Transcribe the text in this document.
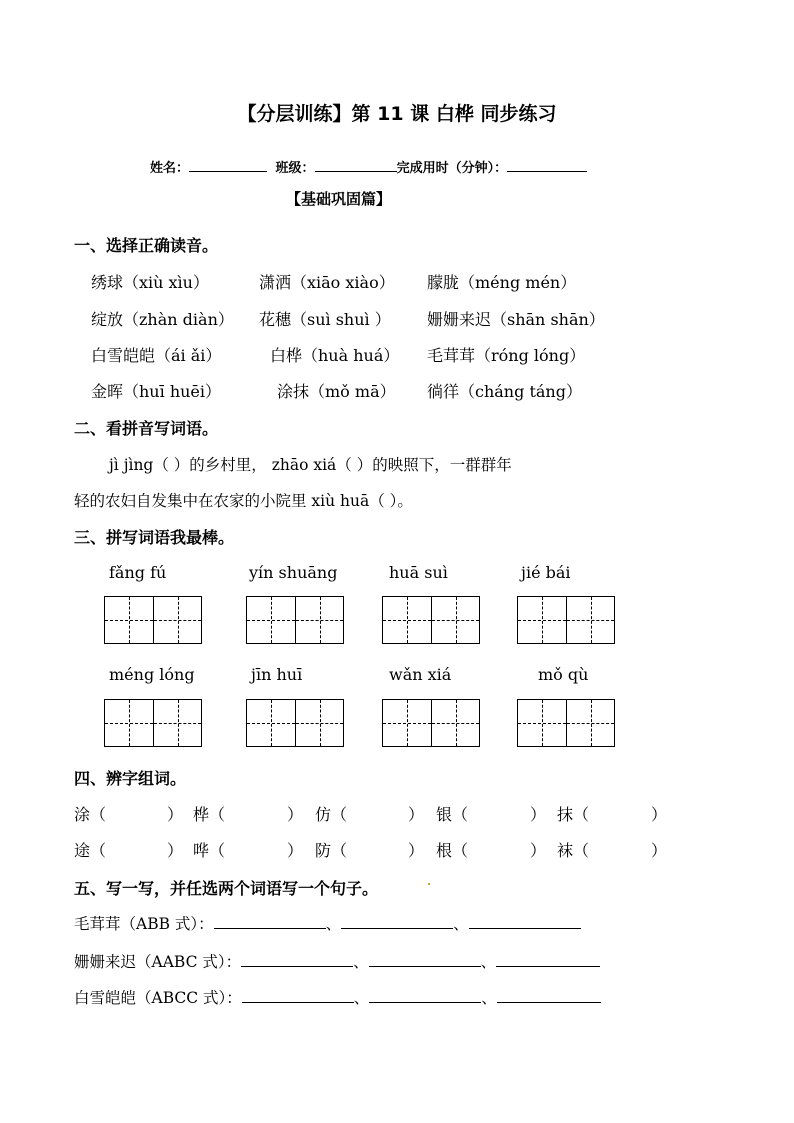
【分层训练】第 11 课 白桦 同步练习
姓名：	班级：	完成用时（分钟）：
【基础巩固篇】
一、选择正确读音。
绣球（xiù xìu）	潇洒（xiāo xiào） 朦胧（méng mén）
绽放（zhàn diàn） 花穗（suì shuì ） 姗姗来迟（shān shān）
白雪皑皑（ái ǎi）	白桦（huà huá） 毛茸茸（róng lóng）
金晖（huī huēi）	涂抹（mǒ mā） 徜徉（cháng táng）
二、看拼音写词语。
jì jìng（ ）的乡村里， zhāo xiá（ ）的映照下，一群群年
轻的农妇自发集中在农家的小院里 xiù huā（ ）。
三、拼写词语我最棒。
fǎng fú	yín shuāng	huā suì	jié bái
méng lóng	jīn huī	wǎn xiá	mǒ qù
四、辨字组词。
涂（	） 桦（	） 仿（	） 银（	） 抹（	）
途（	） 哗（	） 防（	） 根（	） 袜（	）
五、写一写，并任选两个词语写一个句子。
毛茸茸（ABB 式）：	、	、
姗姗来迟（AABC 式）：	、	、
白雪皑皑（ABCC 式）：	、	、
